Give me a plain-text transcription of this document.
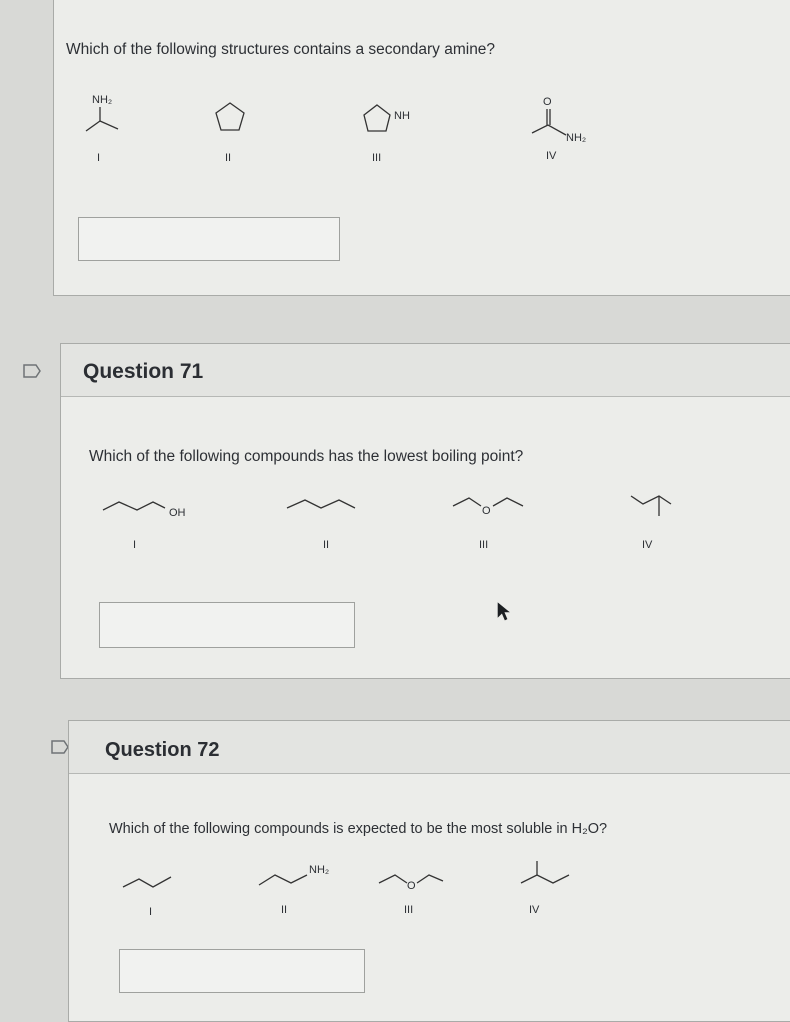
Which of the following structures contains a secondary amine?
NH₂
I	II
NH
III
O
NH₂
IV
Question 71
Which of the following compounds has the lowest boiling point?
OH
I	II
O
III	IV
Question 72
Which of the following compounds is expected to be the most soluble in H₂O?
I
NH₂
II
O
III	IV
